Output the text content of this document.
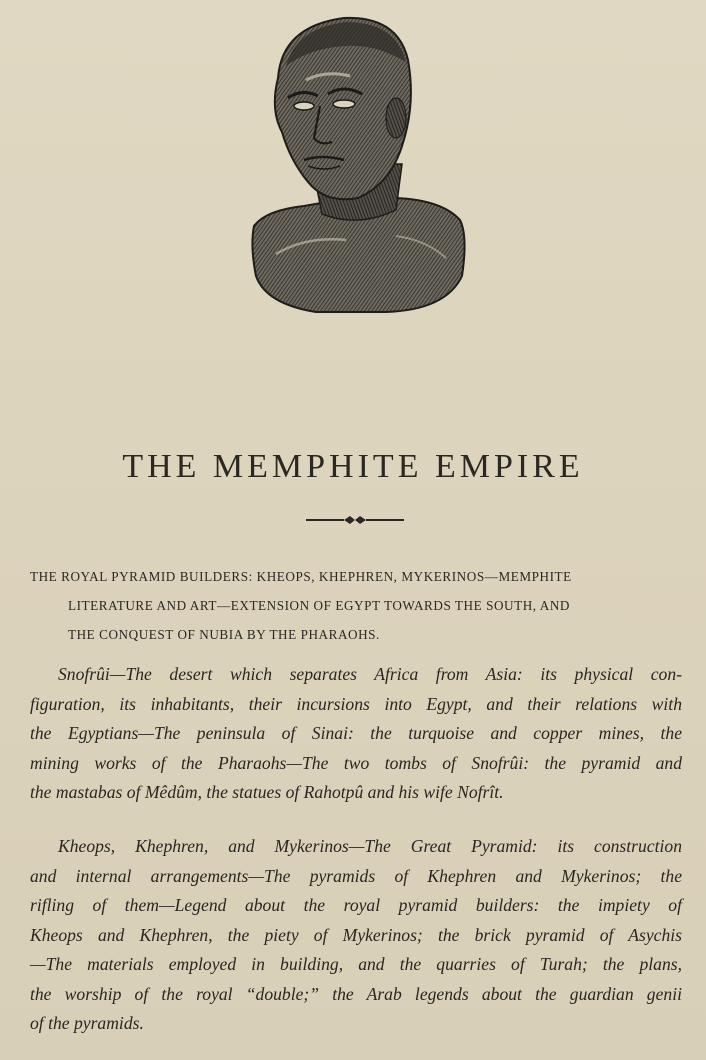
THE MEMPHITE EMPIRE

THE ROYAL PYRAMID BUILDERS: KHEOPS, KHEPHREN, MYKERINOS—MEMPHITE
LITERATURE AND ART—EXTENSION OF EGYPT TOWARDS THE SOUTH, AND
THE CONQUEST OF NUBIA BY THE PHARAOHS.

Snofrûi—The desert which separates Africa from Asia: its physical con-
figuration, its inhabitants, their incursions into Egypt, and their relations with
the Egyptians—The peninsula of Sinai: the turquoise and copper mines, the
mining works of the Pharaohs—The two tombs of Snofrûi: the pyramid and
the mastabas of Mêdûm, the statues of Rahotpû and his wife Nofrît.

Kheops, Khephren, and Mykerinos—The Great Pyramid: its construction
and internal arrangements—The pyramids of Khephren and Mykerinos; the
rifling of them—Legend about the royal pyramid builders: the impiety of
Kheops and Khephren, the piety of Mykerinos; the brick pyramid of Asychis
—The materials employed in building, and the quarries of Turah; the plans,
the worship of the royal “double;” the Arab legends about the guardian genii
of the pyramids.
